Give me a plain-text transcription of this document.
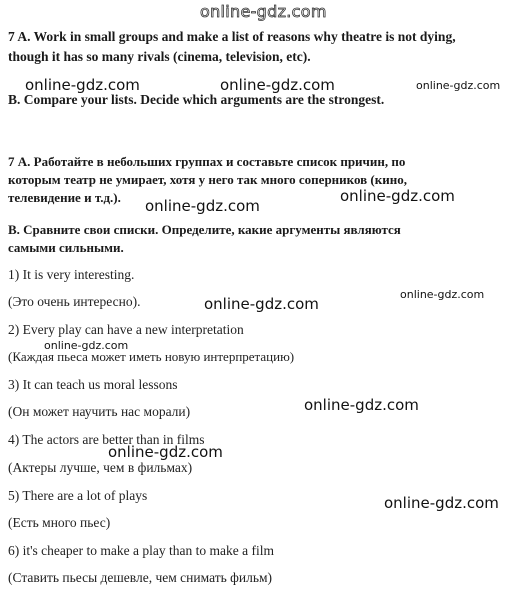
online-gdz.com
7 A. Work in small groups and make a list of reasons why theatre is not dying,
though it has so many rivals (cinema, television, etc).
online-gdz.com	online-gdz.com	online-gdz.com
B. Compare your lists. Decide which arguments are the strongest.
7 А. Работайте в небольших группах и составьте список причин, по
которым театр не умирает, хотя у него так много соперников (кино,
телевидение и т.д.).	online-gdz.com
online-gdz.com
В. Сравните свои списки. Определите, какие аргументы являются
самыми сильными.
1) It is very interesting.
(Это очень интересно).	online-gdz.com
online-gdz.com
2) Every play can have a new interpretation
online-gdz.com
(Каждая пьеса может иметь новую интерпретацию)
3) It can teach us moral lessons
online-gdz.com
(Он может научить нас морали)
4) The actors are better than in films
online-gdz.com
(Актеры лучше, чем в фильмах)
5) There are a lot of plays	online-gdz.com
(Есть много пьес)
6) it's cheaper to make a play than to make a film
(Ставить пьесы дешевле, чем снимать фильм)
